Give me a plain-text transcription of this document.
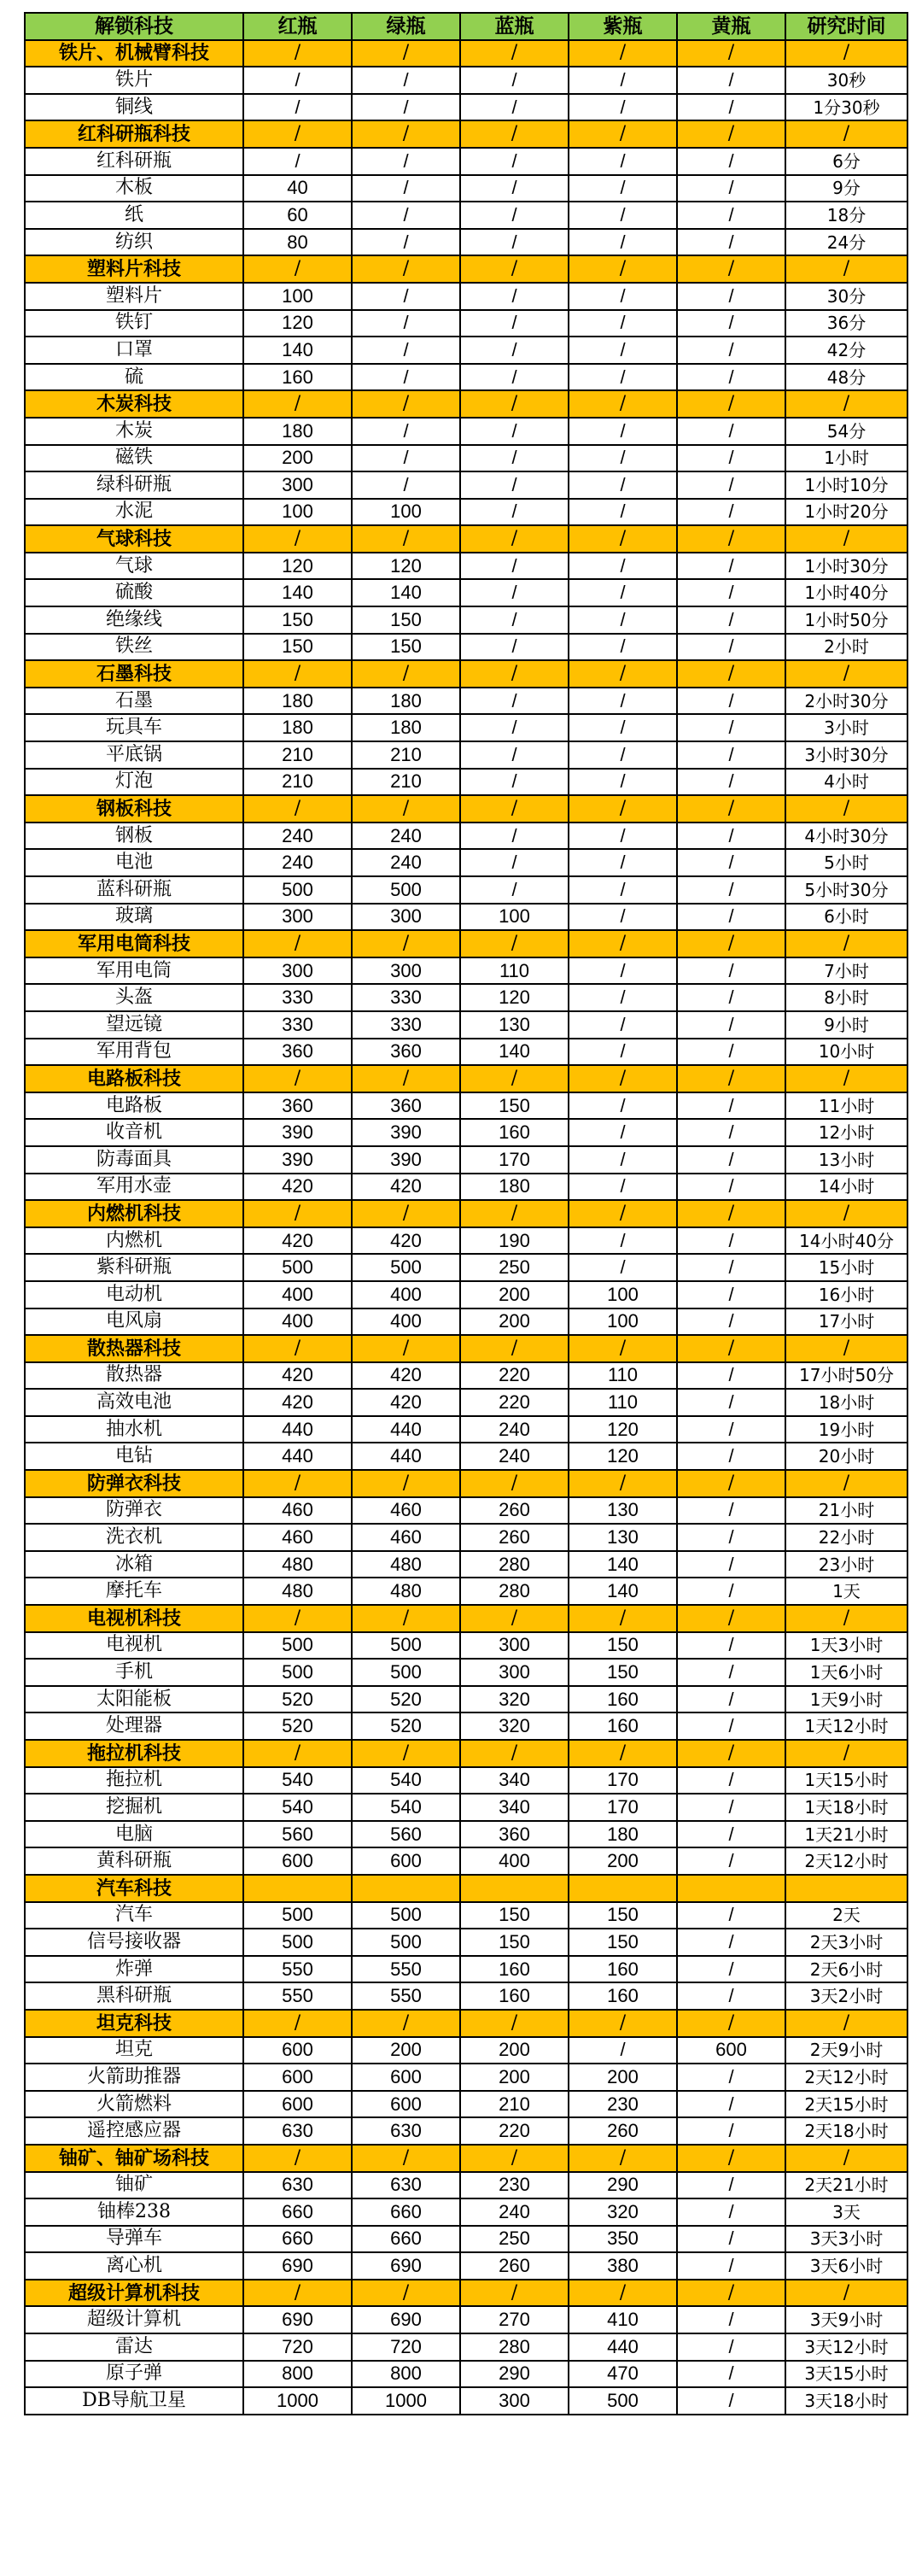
解锁科技	红瓶	绿瓶	蓝瓶	紫瓶	黄瓶	研究时间
铁片、机械臂科技	/	/	/	/	/	/
铁片	/	/	/	/	/	30秒
铜线	/	/	/	/	/	1分30秒
红科研瓶科技	/	/	/	/	/	/
红科研瓶	/	/	/	/	/	6分
木板	40	/	/	/	/	9分
纸	60	/	/	/	/	18分
纺织	80	/	/	/	/	24分
塑料片科技	/	/	/	/	/	/
塑料片	100	/	/	/	/	30分
铁钉	120	/	/	/	/	36分
口罩	140	/	/	/	/	42分
硫	160	/	/	/	/	48分
木炭科技	/	/	/	/	/	/
木炭	180	/	/	/	/	54分
磁铁	200	/	/	/	/	1小时
绿科研瓶	300	/	/	/	/	1小时10分
水泥	100	100	/	/	/	1小时20分
气球科技	/	/	/	/	/	/
气球	120	120	/	/	/	1小时30分
硫酸	140	140	/	/	/	1小时40分
绝缘线	150	150	/	/	/	1小时50分
铁丝	150	150	/	/	/	2小时
石墨科技	/	/	/	/	/	/
石墨	180	180	/	/	/	2小时30分
玩具车	180	180	/	/	/	3小时
平底锅	210	210	/	/	/	3小时30分
灯泡	210	210	/	/	/	4小时
钢板科技	/	/	/	/	/	/
钢板	240	240	/	/	/	4小时30分
电池	240	240	/	/	/	5小时
蓝科研瓶	500	500	/	/	/	5小时30分
玻璃	300	300	100	/	/	6小时
军用电筒科技	/	/	/	/	/	/
军用电筒	300	300	110	/	/	7小时
头盔	330	330	120	/	/	8小时
望远镜	330	330	130	/	/	9小时
军用背包	360	360	140	/	/	10小时
电路板科技	/	/	/	/	/	/
电路板	360	360	150	/	/	11小时
收音机	390	390	160	/	/	12小时
防毒面具	390	390	170	/	/	13小时
军用水壶	420	420	180	/	/	14小时
内燃机科技	/	/	/	/	/	/
内燃机	420	420	190	/	/	14小时40分
紫科研瓶	500	500	250	/	/	15小时
电动机	400	400	200	100	/	16小时
电风扇	400	400	200	100	/	17小时
散热器科技	/	/	/	/	/	/
散热器	420	420	220	110	/	17小时50分
高效电池	420	420	220	110	/	18小时
抽水机	440	440	240	120	/	19小时
电钻	440	440	240	120	/	20小时
防弹衣科技	/	/	/	/	/	/
防弹衣	460	460	260	130	/	21小时
洗衣机	460	460	260	130	/	22小时
冰箱	480	480	280	140	/	23小时
摩托车	480	480	280	140	/	1天
电视机科技	/	/	/	/	/	/
电视机	500	500	300	150	/	1天3小时
手机	500	500	300	150	/	1天6小时
太阳能板	520	520	320	160	/	1天9小时
处理器	520	520	320	160	/	1天12小时
拖拉机科技	/	/	/	/	/	/
拖拉机	540	540	340	170	/	1天15小时
挖掘机	540	540	340	170	/	1天18小时
电脑	560	560	360	180	/	1天21小时
黄科研瓶	600	600	400	200	/	2天12小时
汽车科技						
汽车	500	500	150	150	/	2天
信号接收器	500	500	150	150	/	2天3小时
炸弹	550	550	160	160	/	2天6小时
黑科研瓶	550	550	160	160	/	3天2小时
坦克科技	/	/	/	/	/	/
坦克	600	200	200	/	600	2天9小时
火箭助推器	600	600	200	200	/	2天12小时
火箭燃料	600	600	210	230	/	2天15小时
遥控感应器	630	630	220	260	/	2天18小时
铀矿、铀矿场科技	/	/	/	/	/	/
铀矿	630	630	230	290	/	2天21小时
铀棒238	660	660	240	320	/	3天
导弹车	660	660	250	350	/	3天3小时
离心机	690	690	260	380	/	3天6小时
超级计算机科技	/	/	/	/	/	/
超级计算机	690	690	270	410	/	3天9小时
雷达	720	720	280	440	/	3天12小时
原子弹	800	800	290	470	/	3天15小时
DB导航卫星	1000	1000	300	500	/	3天18小时
